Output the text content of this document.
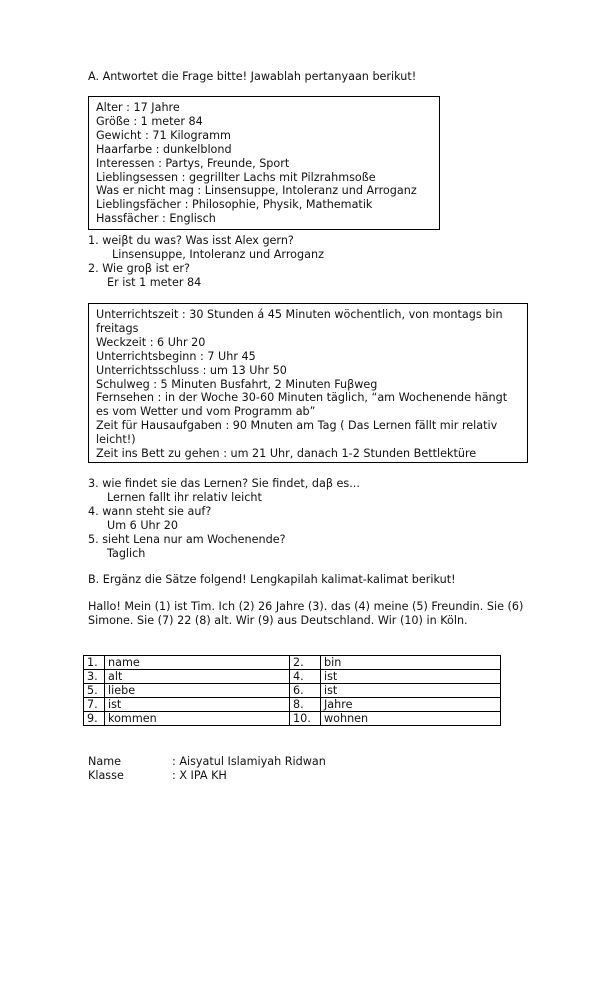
A. Antwortet die Frage bitte! Jawablah pertanyaan berikut!
Alter : 17 Jahre
Größe : 1 meter 84
Gewicht : 71 Kilogramm
Haarfarbe : dunkelblond
Interessen : Partys, Freunde, Sport
Lieblingsessen : gegrillter Lachs mit Pilzrahmsoße
Was er nicht mag : Linsensuppe, Intoleranz und Arroganz
Lieblingsfächer : Philosophie, Physik, Mathematik
Hassfächer : Englisch
1. weiβt du was? Was isst Alex gern?
Linsensuppe, Intoleranz und Arroganz
2. Wie groβ ist er?
Er ist 1 meter 84
Unterrichtszeit : 30 Stunden á 45 Minuten wöchentlich, von montags bin freitags
Weckzeit : 6 Uhr 20
Unterrichtsbeginn : 7 Uhr 45
Unterrichtsschluss : um 13 Uhr 50
Schulweg : 5 Minuten Busfahrt, 2 Minuten Fuβweg
Fernsehen : in der Woche 30-60 Minuten täglich, “am Wochenende hängt es vom Wetter und vom Programm ab”
Zeit für Hausaufgaben : 90 Mnuten am Tag ( Das Lernen fällt mir relativ leicht!)
Zeit ins Bett zu gehen : um 21 Uhr, danach 1-2 Stunden Bettlektüre
3. wie findet sie das Lernen? Sie findet, daβ es...
Lernen fallt ihr relativ leicht
4. wann steht sie auf?
Um 6 Uhr 20
5. sieht Lena nur am Wochenende?
Taglich
B. Ergänz die Sätze folgend! Lengkapilah kalimat-kalimat berikut!
Hallo! Mein (1) ist Tim. Ich (2) 26 Jahre (3). das (4) meine (5) Freundin. Sie (6) Simone. Sie (7) 22 (8) alt. Wir (9) aus Deutschland. Wir (10) in Köln.
1.	name	2.	bin
3.	alt	4.	ist
5.	liebe	6.	ist
7.	ist	8.	Jahre
9.	kommen	10.	wohnen
Name	: Aisyatul Islamiyah Ridwan
Klasse	: X IPA KH
